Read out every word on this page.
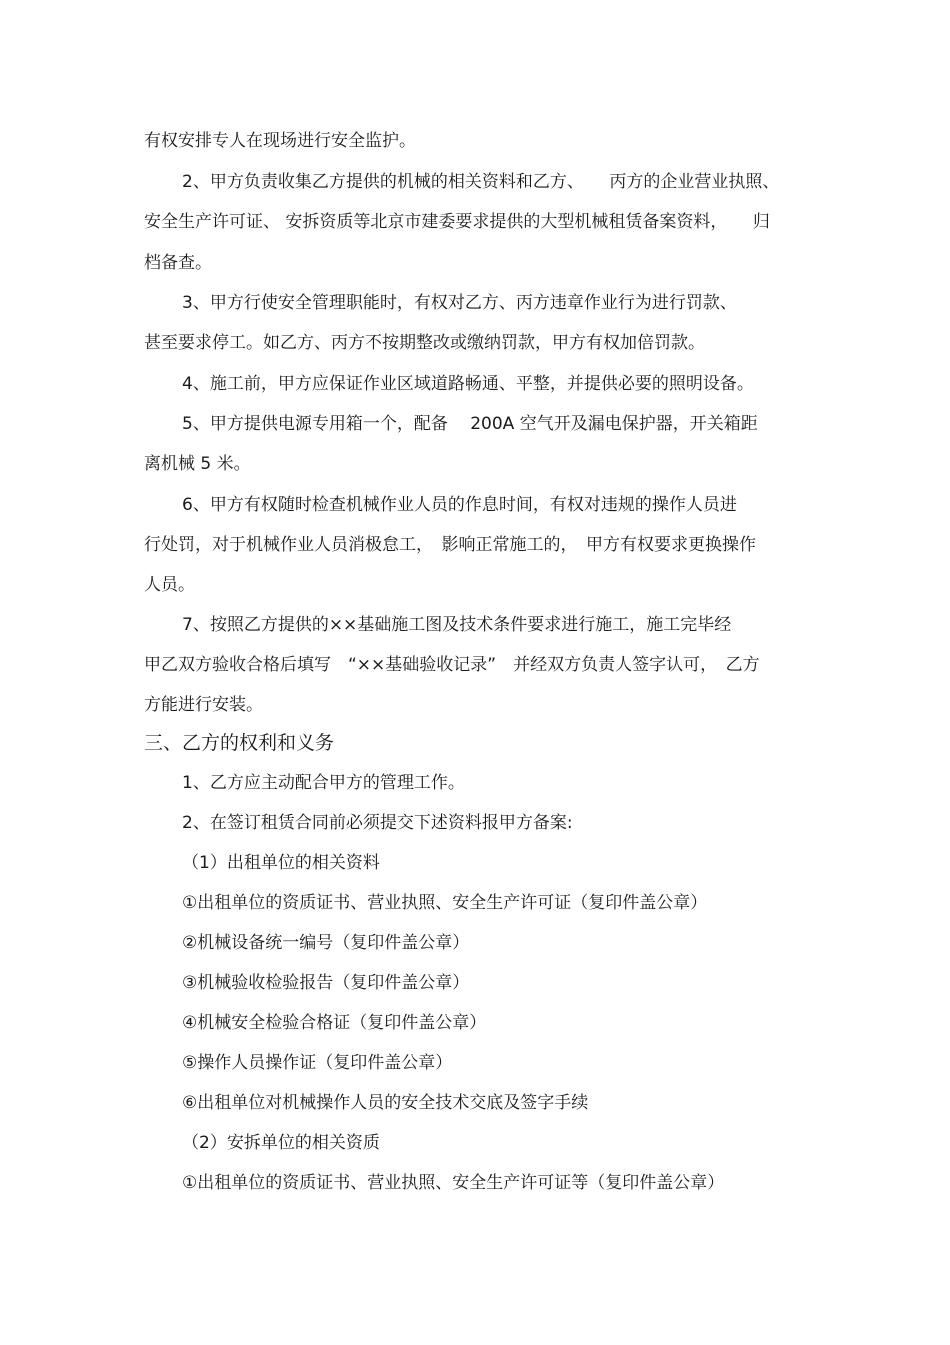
有权安排专人在现场进行安全监护。
2、甲方负责收集乙方提供的机械的相关资料和乙方、　　丙方的企业营业执照、
安全生产许可证、 安拆资质等北京市建委要求提供的大型机械租赁备案资料，　　归
档备查。
3、甲方行使安全管理职能时，有权对乙方、丙方违章作业行为进行罚款、
甚至要求停工。如乙方、丙方不按期整改或缴纳罚款，甲方有权加倍罚款。
4、施工前，甲方应保证作业区域道路畅通、平整，并提供必要的照明设备。
5、甲方提供电源专用箱一个，配备　 200A 空气开及漏电保护器，开关箱距
离机械 5 米。
6、甲方有权随时检查机械作业人员的作息时间，有权对违规的操作人员进
行处罚，对于机械作业人员消极怠工，　影响正常施工的，　甲方有权要求更换操作
人员。
7、按照乙方提供的××基础施工图及技术条件要求进行施工，施工完毕经
甲乙双方验收合格后填写　“××基础验收记录”　并经双方负责人签字认可，　乙方
方能进行安装。
三、乙方的权利和义务
1、乙方应主动配合甲方的管理工作。
2、在签订租赁合同前必须提交下述资料报甲方备案:
（1）出租单位的相关资料
①出租单位的资质证书、营业执照、安全生产许可证（复印件盖公章）
②机械设备统一编号（复印件盖公章）
③机械验收检验报告（复印件盖公章）
④机械安全检验合格证（复印件盖公章）
⑤操作人员操作证（复印件盖公章）
⑥出租单位对机械操作人员的安全技术交底及签字手续
（2）安拆单位的相关资质
①出租单位的资质证书、营业执照、安全生产许可证等（复印件盖公章）
